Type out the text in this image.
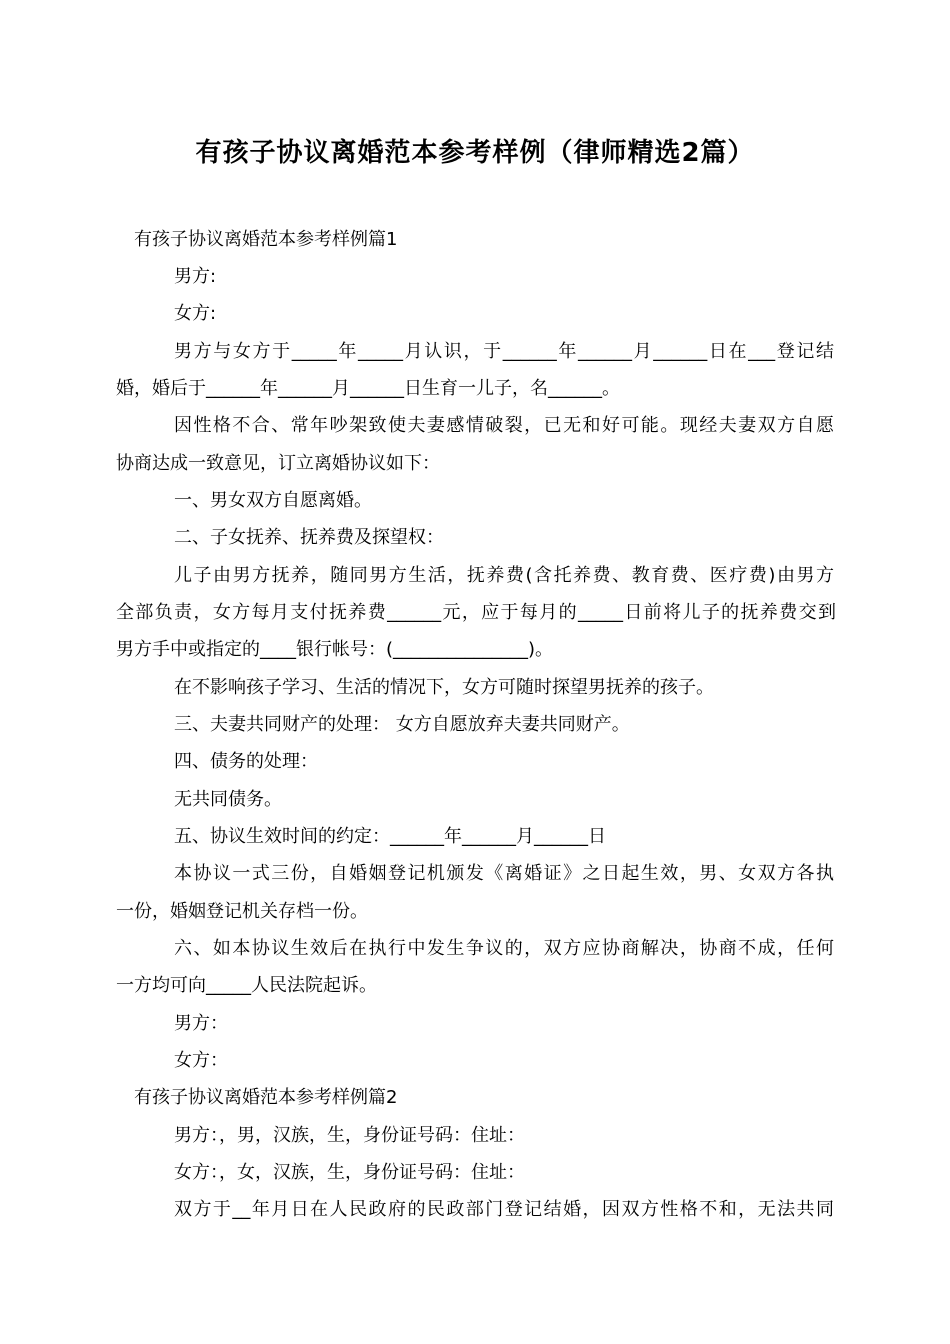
有孩子协议离婚范本参考样例（律师精选2篇）
有孩子协议离婚范本参考样例篇1
男方:
女方:
男方与女方于_____年_____月认识，于______年______月______日在___登记结
婚，婚后于______年______月______日生育一儿子，名______。
因性格不合、常年吵架致使夫妻感情破裂，已无和好可能。现经夫妻双方自愿
协商达成一致意见，订立离婚协议如下：
一、男女双方自愿离婚。
二、子女抚养、抚养费及探望权：
儿子由男方抚养，随同男方生活，抚养费(含托养费、教育费、医疗费)由男方
全部负责，女方每月支付抚养费______元，应于每月的_____日前将儿子的抚养费交到
男方手中或指定的____银行帐号：(_______________)。
在不影响孩子学习、生活的情况下，女方可随时探望男抚养的孩子。
三、夫妻共同财产的处理： 女方自愿放弃夫妻共同财产。
四、债务的处理：
无共同债务。
五、协议生效时间的约定：______年______月______日
本协议一式三份，自婚姻登记机颁发《离婚证》之日起生效，男、女双方各执
一份，婚姻登记机关存档一份。
六、如本协议生效后在执行中发生争议的，双方应协商解决，协商不成，任何
一方均可向_____人民法院起诉。
男方：
女方：
有孩子协议离婚范本参考样例篇2
男方：，男，汉族，生，身份证号码：住址：
女方：，女，汉族，生，身份证号码：住址：
双方于__年月日在人民政府的民政部门登记结婚，因双方性格不和，无法共同
